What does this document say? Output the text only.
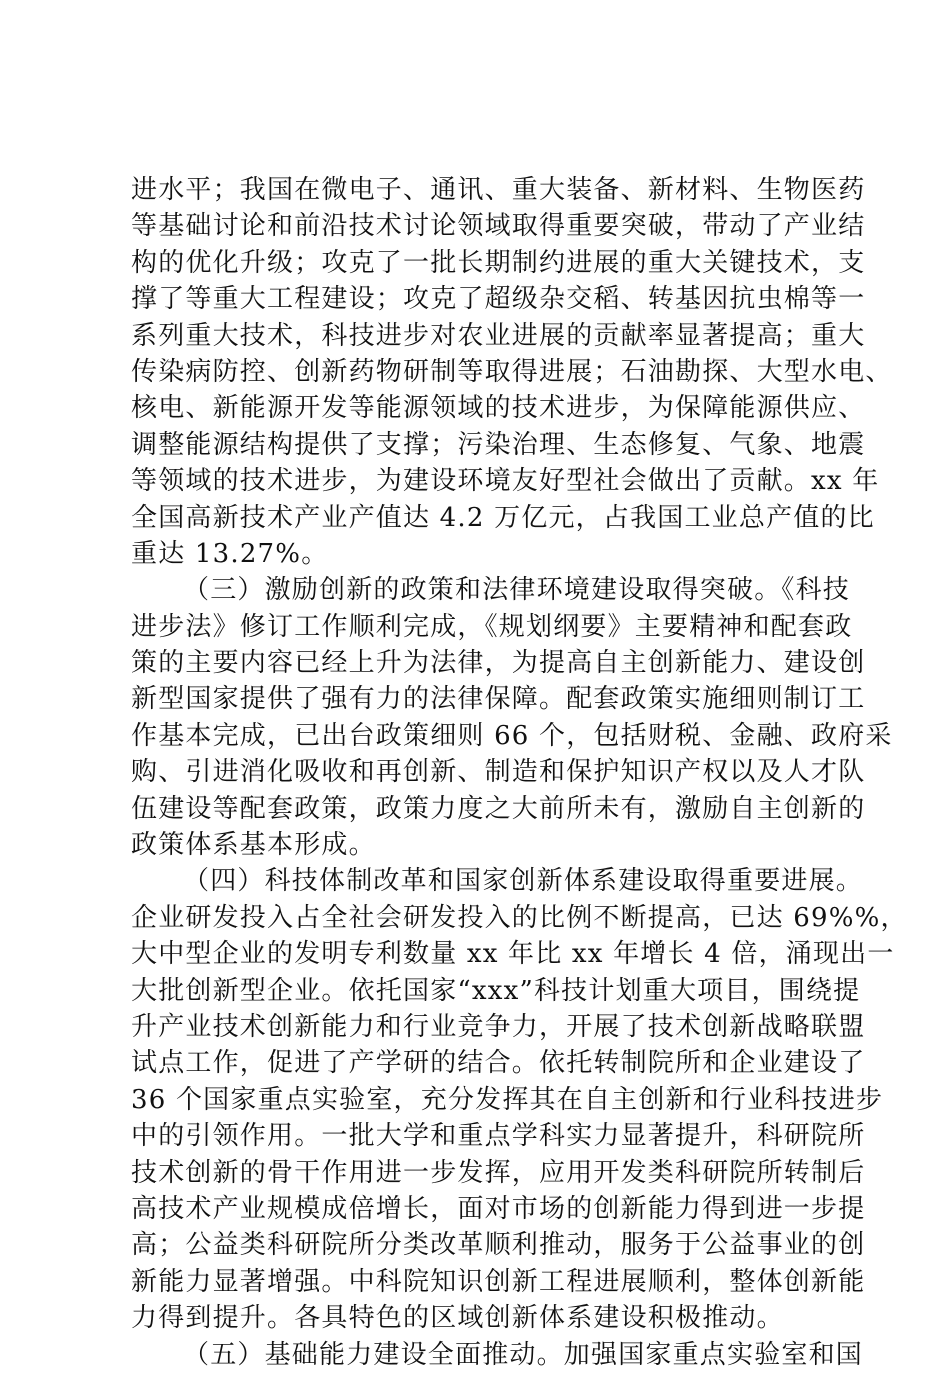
进水平；我国在微电子、通讯、重大装备、新材料、生物医药
等基础讨论和前沿技术讨论领域取得重要突破，带动了产业结
构的优化升级；攻克了一批长期制约进展的重大关键技术，支
撑了等重大工程建设；攻克了超级杂交稻、转基因抗虫棉等一
系列重大技术，科技进步对农业进展的贡献率显著提高；重大
传染病防控、创新药物研制等取得进展；石油勘探、大型水电、
核电、新能源开发等能源领域的技术进步，为保障能源供应、
调整能源结构提供了支撑；污染治理、生态修复、气象、地震
等领域的技术进步，为建设环境友好型社会做出了贡献。xx 年
全国高新技术产业产值达 4.2 万亿元，占我国工业总产值的比
重达 13.27%。
（三）激励创新的政策和法律环境建设取得突破。《科技
进步法》修订工作顺利完成，《规划纲要》主要精神和配套政
策的主要内容已经上升为法律，为提高自主创新能力、建设创
新型国家提供了强有力的法律保障。配套政策实施细则制订工
作基本完成，已出台政策细则 66 个，包括财税、金融、政府采
购、引进消化吸收和再创新、制造和保护知识产权以及人才队
伍建设等配套政策，政策力度之大前所未有，激励自主创新的
政策体系基本形成。
（四）科技体制改革和国家创新体系建设取得重要进展。
企业研发投入占全社会研发投入的比例不断提高，已达 69%%，
大中型企业的发明专利数量 xx 年比 xx 年增长 4 倍，涌现出一
大批创新型企业。依托国家“xxx”科技计划重大项目，围绕提
升产业技术创新能力和行业竞争力，开展了技术创新战略联盟
试点工作，促进了产学研的结合。依托转制院所和企业建设了
36 个国家重点实验室，充分发挥其在自主创新和行业科技进步
中的引领作用。一批大学和重点学科实力显著提升，科研院所
技术创新的骨干作用进一步发挥，应用开发类科研院所转制后
高技术产业规模成倍增长，面对市场的创新能力得到进一步提
高；公益类科研院所分类改革顺利推动，服务于公益事业的创
新能力显著增强。中科院知识创新工程进展顺利，整体创新能
力得到提升。各具特色的区域创新体系建设积极推动。
（五）基础能力建设全面推动。加强国家重点实验室和国
